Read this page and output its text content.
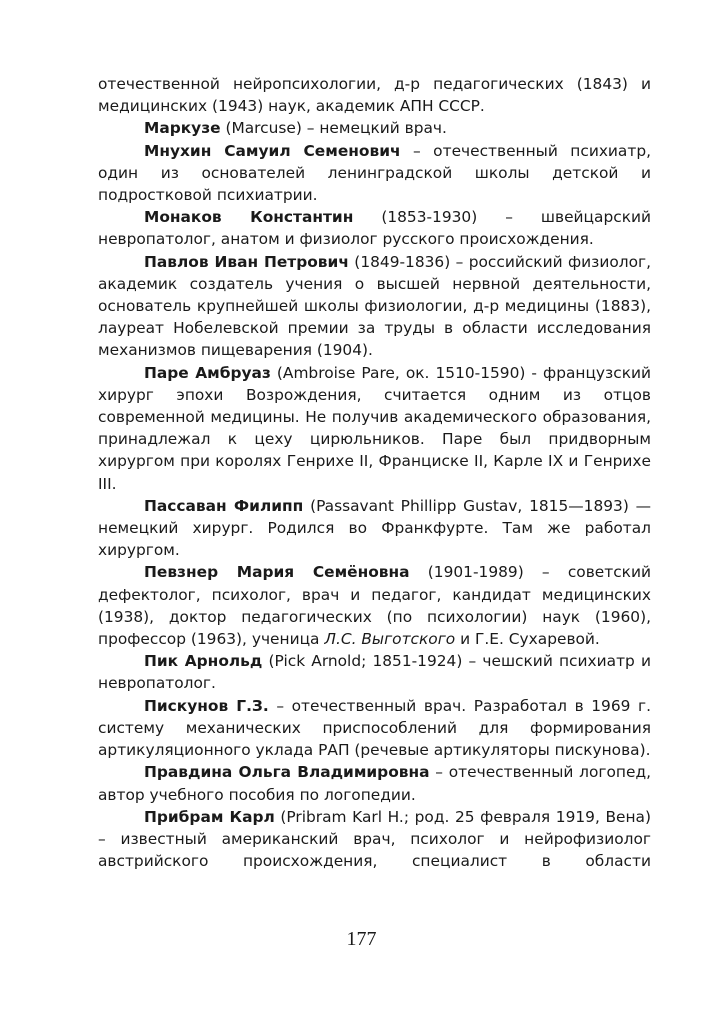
отечественной нейропсихологии, д-р педагогических (1843) и медицинских (1943) наук, академик АПН СССР.

Маркузе (Marcuse) – немецкий врач.

Мнухин Самуил Семенович – отечественный психиатр, один из основателей ленинградской школы детской и подростковой психиатрии.

Монаков Константин (1853-1930) – швейцарский невропатолог, анатом и физиолог русского происхождения.

Павлов Иван Петрович (1849-1836) – российский физиолог, академик создатель учения о высшей нервной деятельности, основатель крупнейшей школы физиологии, д-р медицины (1883), лауреат Нобелевской премии за труды в области исследования механизмов пищеварения (1904).

Паре Амбруаз (Ambroise Pare, ок. 1510-1590) - французский хирург эпохи Возрождения, считается одним из отцов современной медицины. Не получив академического образования, принадлежал к цеху цирюльников. Паре был придворным хирургом при королях Генрихе II, Франциске II, Карле IX и Генрихе III.

Пассаван Филипп (Passavant Phillipp Gustav, 1815—1893) — немецкий хирург. Родился во Франкфурте. Там же работал хирургом.

Певзнер Мария Семёновна (1901-1989) – советский дефектолог, психолог, врач и педагог, кандидат медицинских (1938), доктор педагогических (по психологии) наук (1960), профессор (1963), ученица Л.С. Выготского и Г.Е. Сухаревой.

Пик Арнольд (Pick Arnold; 1851-1924) – чешский психиатр и невропатолог.

Пискунов Г.З. – отечественный врач. Разработал в 1969 г. систему механических приспособлений для формирования артикуляционного уклада РАП (речевые артикуляторы пискунова).

Правдина Ольга Владимировна – отечественный логопед, автор учебного пособия по логопедии.

Прибрам Карл (Pribram Karl H.; род. 25 февраля 1919, Вена) – известный американский врач, психолог и нейрофизиолог австрийского происхождения, специалист в области

177
